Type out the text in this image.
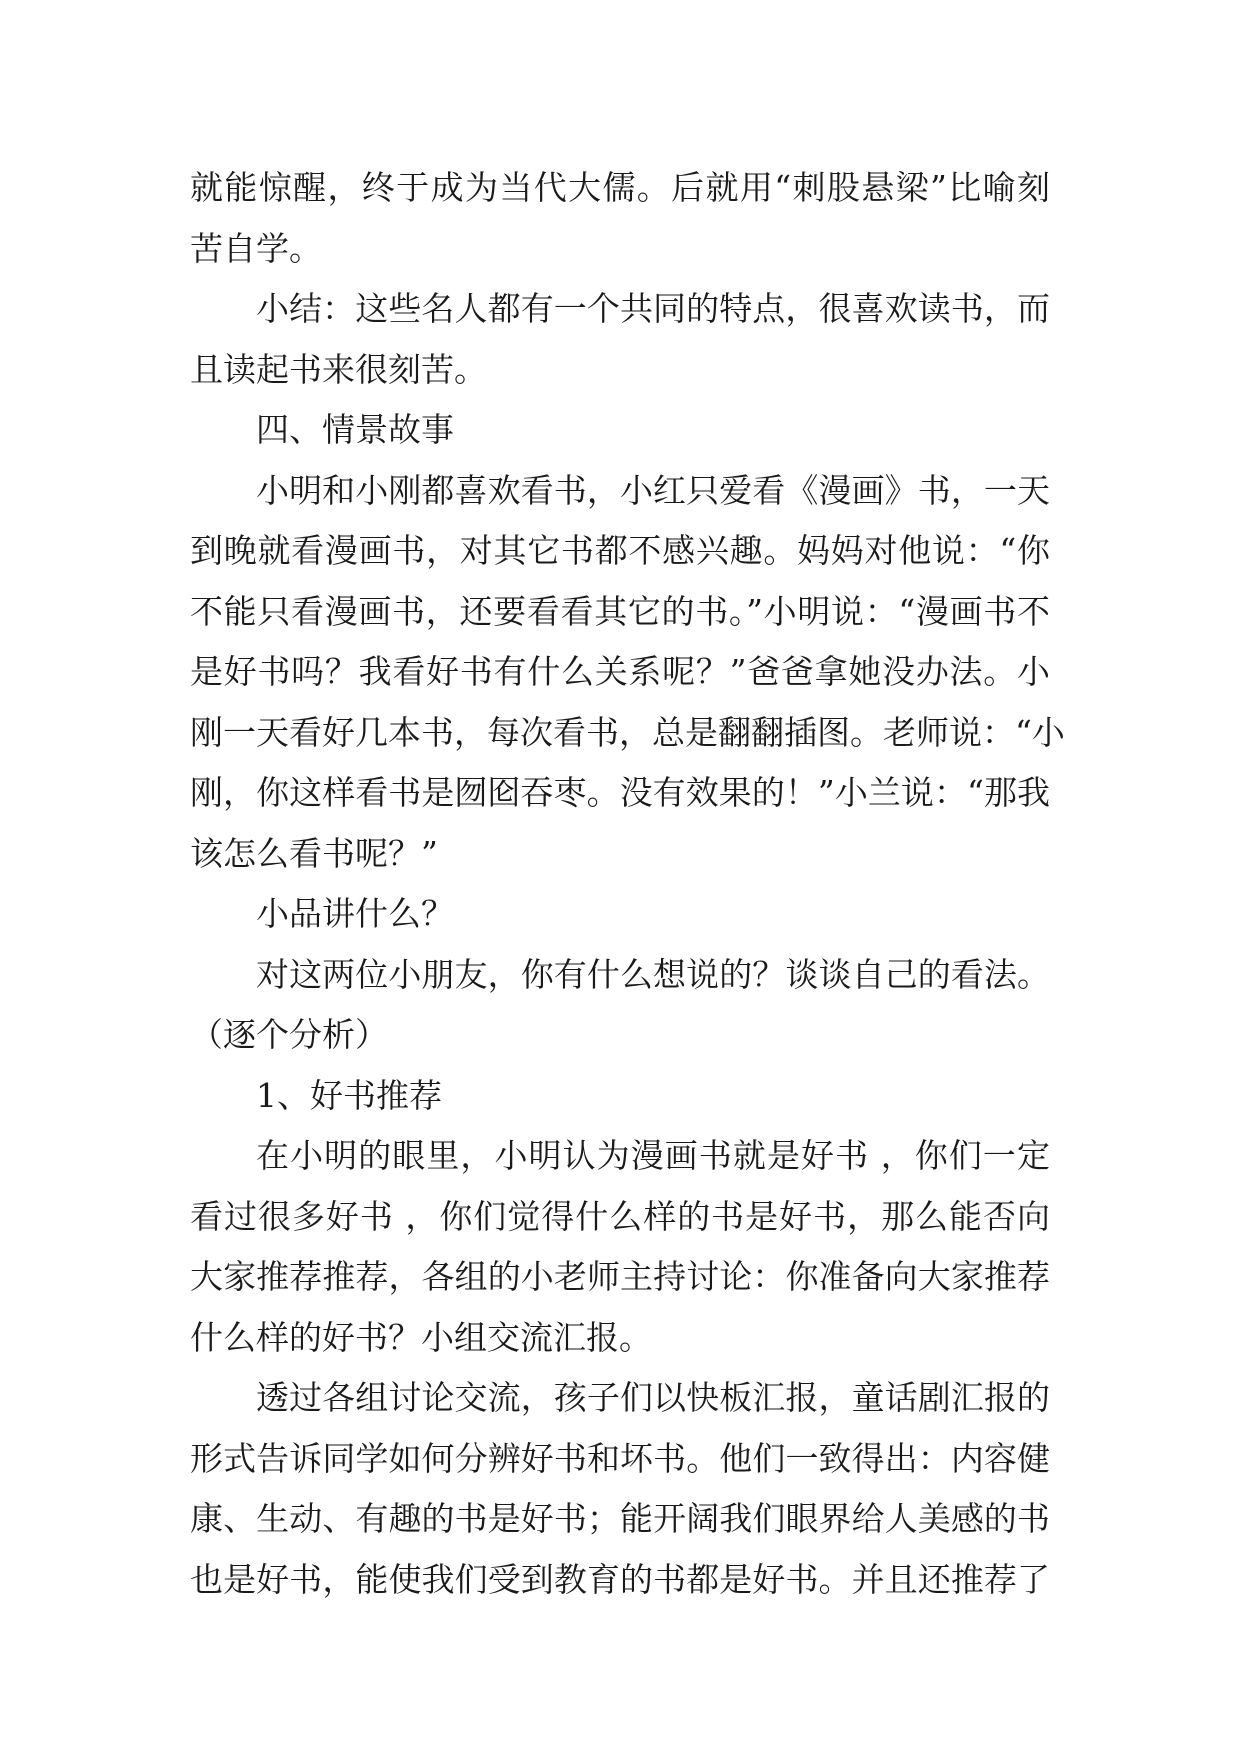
就能惊醒，终于成为当代大儒。后就用“刺股悬梁”比喻刻
苦自学。
小结：这些名人都有一个共同的特点，很喜欢读书，而
且读起书来很刻苦。
四、情景故事
小明和小刚都喜欢看书，小红只爱看《漫画》书，一天
到晚就看漫画书，对其它书都不感兴趣。妈妈对他说：“你
不能只看漫画书，还要看看其它的书。”小明说：“漫画书不
是好书吗？我看好书有什么关系呢？”爸爸拿她没办法。小
刚一天看好几本书，每次看书，总是翻翻插图。老师说：“小
刚，你这样看书是囫囵吞枣。没有效果的！”小兰说：“那我
该怎么看书呢？”
小品讲什么？
对这两位小朋友，你有什么想说的？谈谈自己的看法。
（逐个分析）
1、好书推荐
在小明的眼里，小明认为漫画书就是好书 ，你们一定
看过很多好书 ，你们觉得什么样的书是好书，那么能否向
大家推荐推荐，各组的小老师主持讨论：你准备向大家推荐
什么样的好书？小组交流汇报。
透过各组讨论交流，孩子们以快板汇报，童话剧汇报的
形式告诉同学如何分辨好书和坏书。他们一致得出：内容健
康、生动、有趣的书是好书；能开阔我们眼界给人美感的书
也是好书，能使我们受到教育的书都是好书。并且还推荐了
